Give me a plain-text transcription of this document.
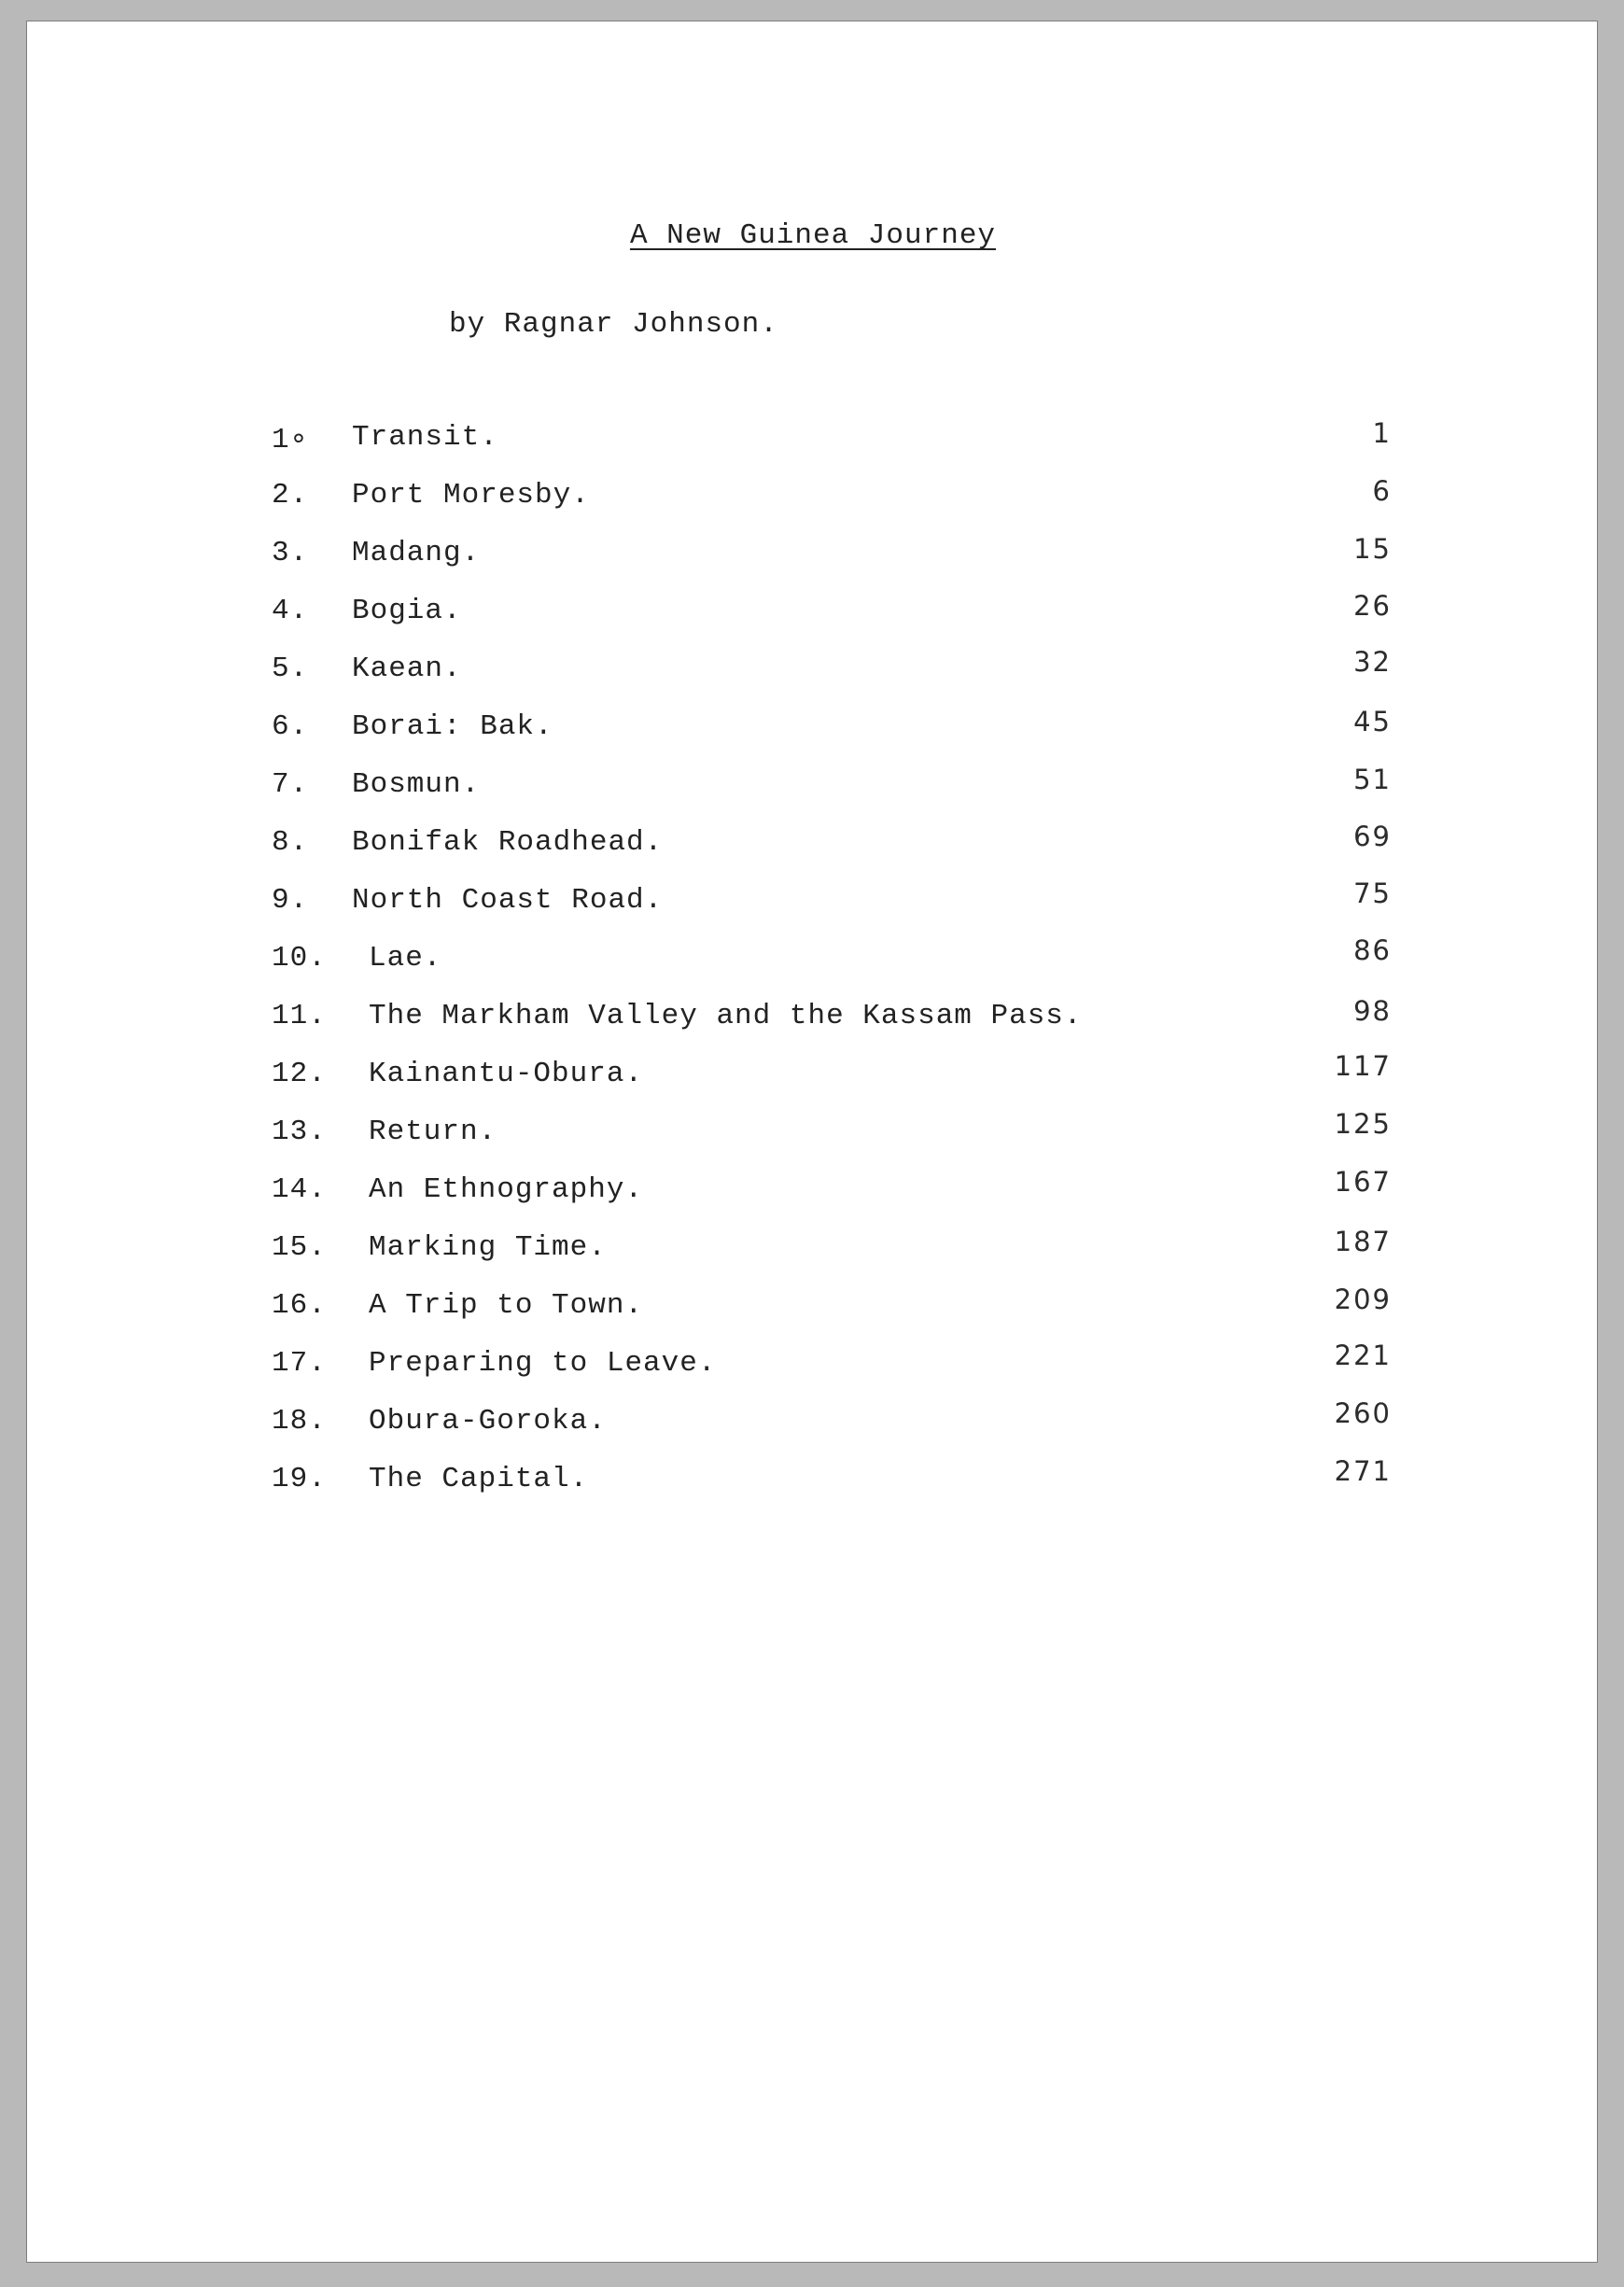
A New Guinea Journey
by Ragnar Johnson.
1∘ Transit.	1
2. Port Moresby.	6
3. Madang.	15
4. Bogia.	26
5. Kaean.	32
6. Borai: Bak.	45
7. Bosmun.	51
8. Bonifak Roadhead.	69
9. North Coast Road.	75
10. Lae.	86
11. The Markham Valley and the Kassam Pass.	98
12. Kainantu-Obura.	117
13. Return.	125
14. An Ethnography.	167
15. Marking Time.	187
16. A Trip to Town.	209
17. Preparing to Leave.	221
18. Obura-Goroka.	260
19. The Capital.	271
